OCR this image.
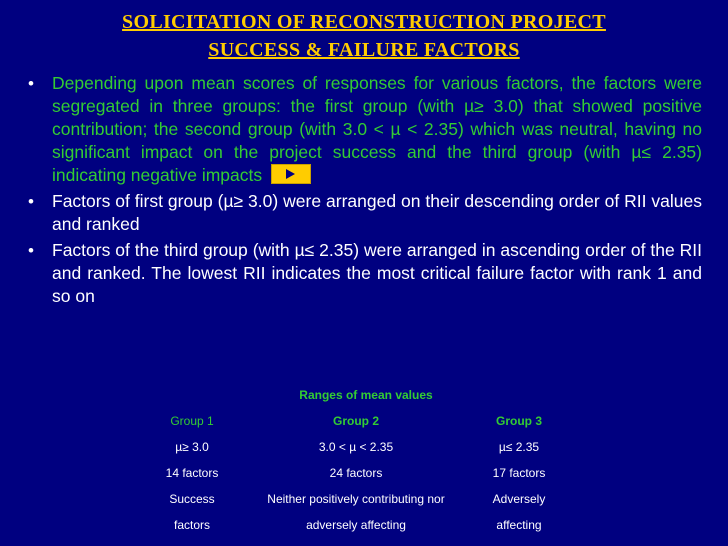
SOLICITATION OF RECONSTRUCTION PROJECT
SUCCESS & FAILURE FACTORS
• Depending upon mean scores of responses for various factors, the factors were segregated in three groups: the first group (with µ≥ 3.0) that showed positive contribution; the second group (with 3.0 < µ < 2.35) which was neutral, having no significant impact on the project success and the third group (with µ≤ 2.35) indicating negative impacts
• Factors of first group (µ≥ 3.0) were arranged on their descending order of RII values and ranked
• Factors of the third group (with µ≤ 2.35) were arranged in ascending order of the RII and ranked. The lowest RII indicates the most critical failure factor with rank 1 and so on
Ranges of mean values
Group 1	Group 2	Group 3
µ≥ 3.0	3.0 < µ < 2.35	µ≤ 2.35
14 factors	24 factors	17 factors
Success	Neither positively contributing nor	Adversely
factors	adversely affecting	affecting
